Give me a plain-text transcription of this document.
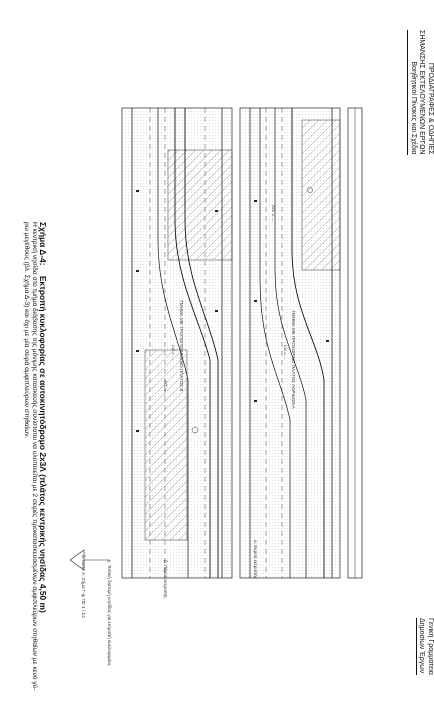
ΠΡΟΔΙΑΓΡΑΦΕΣ & ΟΔΗΓΙΕΣ
ΣΗΜΑΝΣΗΣ ΕΚΤΕΛΟΥΜΕΝΩΝ ΕΡΓΩΝ
Βοηθητικοί Πίνακες και Σχέδια
Γενική Γραμματεία
Δημοσίων Έργων
Σχήμα Δ-4: Εκτροπή κυκλοφορίας σε αυτοκινητόδρομο 2x3Λ (πλάτος κεντρικής νησίδας 4,50 m)
Η κεντρική νησίδα στο τμήμα διάβασης της μόνιμης κατασκευής συνίσταται να υλοποιείται με 2 σειρές προκατασκευασμένων αμφιπλεύρων στηθαίων με κενό γύ-
ρω μεγέθους (βλ. Σχήμα Δ-3) και όχι με μία σειρά αμφιπλεύρων στηθαίων.
α. Εκροή εκτροπής
β. Πέρας εκτροπής
γ. Τυπική διατομή νησίδας για εκτροπή κυκλοφορίας
δ. Λεπτ. Α: Σήμα Γ-ψ ΠΣ-1 / Σ2
ΤΜΗΜΑ ΜΕ ΠΡΟΣΩΡΙΝΟ ΠΛΑΤΟΣ ΛΩΡΙΔΩΝ Α
ΤΜΗΜΑ ΜΕ ΤΡΟΠΟΠΟΙΗΜΕΝΟ ΠΛΑΤΟΣ Β	Lw = ...
Lw = ...
Α/Σ = ...
Α/Σ = ...
